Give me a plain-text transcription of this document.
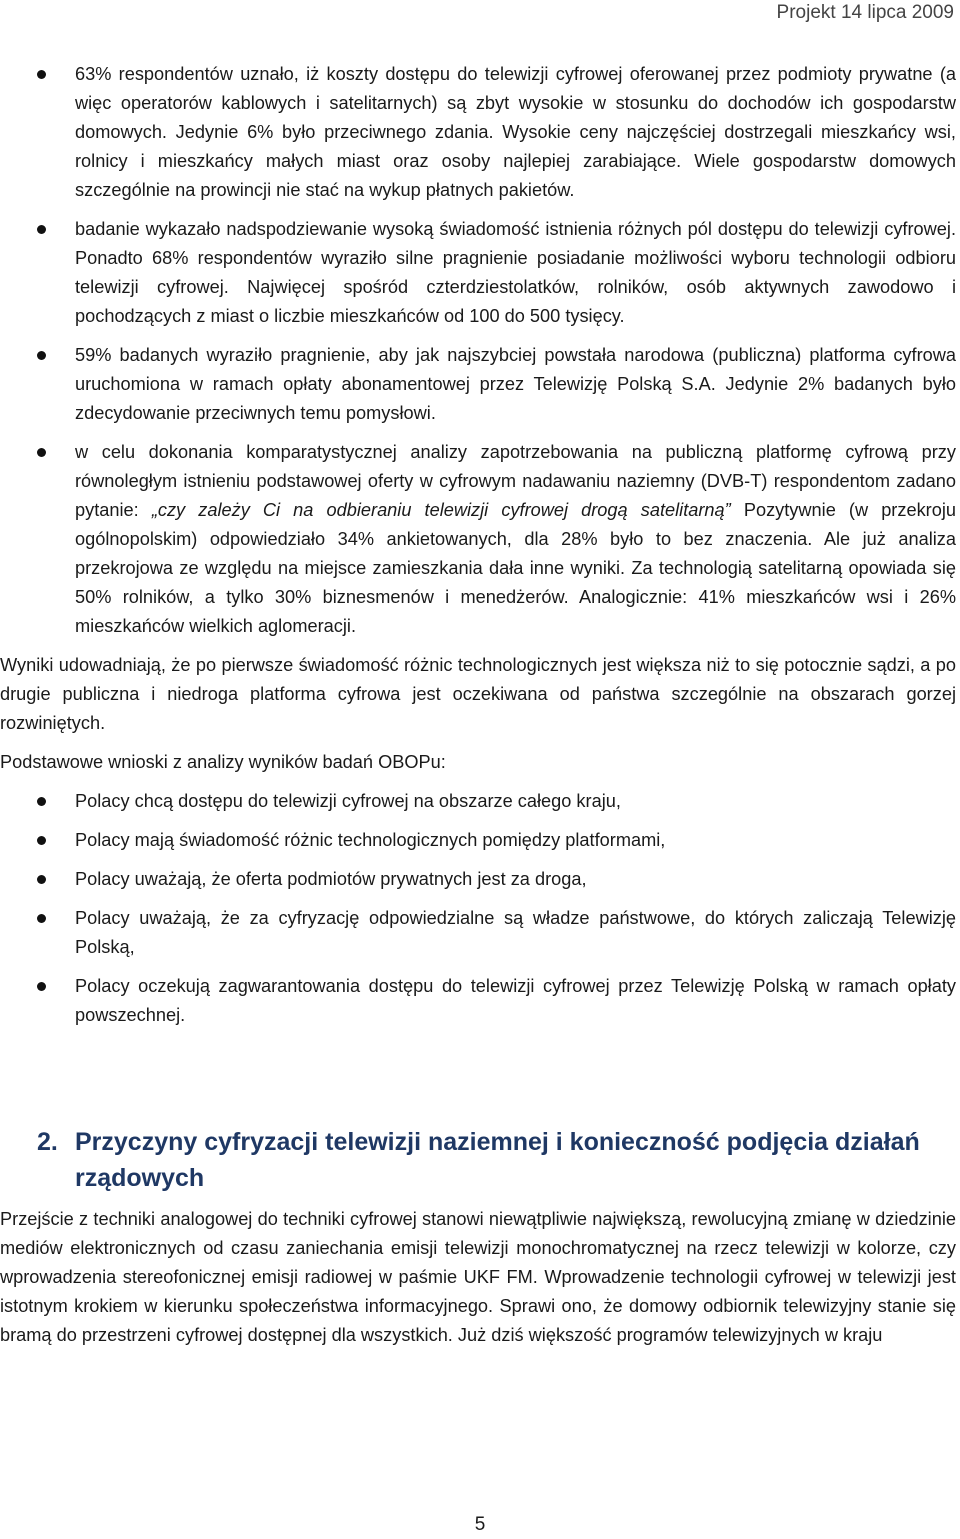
Projekt 14 lipca 2009
63% respondentów uznało, iż koszty dostępu do telewizji cyfrowej oferowanej przez podmioty prywatne (a więc operatorów kablowych i satelitarnych) są zbyt wysokie w stosunku do dochodów ich gospodarstw domowych. Jedynie 6% było przeciwnego zdania. Wysokie ceny najczęściej dostrzegali mieszkańcy wsi, rolnicy i mieszkańcy małych miast oraz osoby najlepiej zarabiające. Wiele gospodarstw domowych szczególnie na prowincji nie stać na wykup płatnych pakietów.
badanie wykazało nadspodziewanie wysoką świadomość istnienia różnych pól dostępu do telewizji cyfrowej. Ponadto 68% respondentów wyraziło silne pragnienie posiadanie możliwości wyboru technologii odbioru telewizji cyfrowej. Najwięcej spośród czterdziestolatków, rolników, osób aktywnych zawodowo i pochodzących z miast o liczbie mieszkańców od 100 do 500 tysięcy.
59% badanych wyraziło pragnienie, aby jak najszybciej powstała narodowa (publiczna) platforma cyfrowa uruchomiona w ramach opłaty abonamentowej przez Telewizję Polską S.A. Jedynie 2% badanych było zdecydowanie przeciwnych temu pomysłowi.
w celu dokonania komparatystycznej analizy zapotrzebowania na publiczną platformę cyfrową przy równoległym istnieniu podstawowej oferty w cyfrowym nadawaniu naziemny (DVB-T) respondentom zadano pytanie: „czy zależy Ci na odbieraniu telewizji cyfrowej drogą satelitarną” Pozytywnie (w przekroju ogólnopolskim) odpowiedziało 34% ankietowanych, dla 28% było to bez znaczenia. Ale już analiza przekrojowa ze względu na miejsce zamieszkania dała inne wyniki. Za technologią satelitarną opowiada się 50% rolników, a tylko 30% biznesmenów i menedżerów. Analogicznie: 41% mieszkańców wsi i 26% mieszkańców wielkich aglomeracji.

Wyniki udowadniają, że po pierwsze świadomość różnic technologicznych jest większa niż to się potocznie sądzi, a po drugie publiczna i niedroga platforma cyfrowa jest oczekiwana od państwa szczególnie na obszarach gorzej rozwiniętych.

Podstawowe wnioski z analizy wyników badań OBOPu:

Polacy chcą dostępu do telewizji cyfrowej na obszarze całego kraju,
Polacy mają świadomość różnic technologicznych pomiędzy platformami,
Polacy uważają, że oferta podmiotów prywatnych jest za droga,
Polacy uważają, że za cyfryzację odpowiedzialne są władze państwowe, do których zaliczają Telewizję Polską,
Polacy oczekują zagwarantowania dostępu do telewizji cyfrowej przez Telewizję Polską w ramach opłaty powszechnej.
2. Przyczyny cyfryzacji telewizji naziemnej i konieczność podjęcia działań rządowych

Przejście z techniki analogowej do techniki cyfrowej stanowi niewątpliwie największą, rewolucyjną zmianę w dziedzinie mediów elektronicznych od czasu zaniechania emisji telewizji monochromatycznej na rzecz telewizji w kolorze, czy wprowadzenia stereofonicznej emisji radiowej w paśmie UKF FM. Wprowadzenie technologii cyfrowej w telewizji jest istotnym krokiem w kierunku społeczeństwa informacyjnego. Sprawi ono, że domowy odbiornik telewizyjny stanie się bramą do przestrzeni cyfrowej dostępnej dla wszystkich. Już dziś większość programów telewizyjnych w kraju

5
